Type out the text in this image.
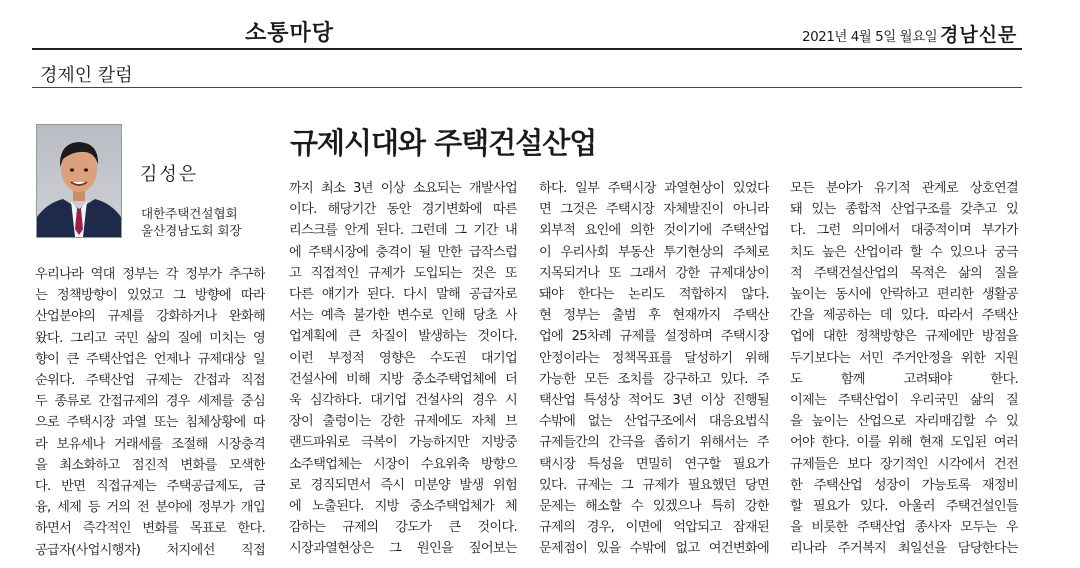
소통마당	2021년 4월 5일 월요일 경남신문
경제인 칼럼
김성은
대한주택건설협회
울산경남도회 회장
규제시대와 주택건설산업
우리나라 역대 정부는 각 정부가 추구하
는 정책방향이 있었고 그 방향에 따라
산업분야의 규제를 강화하거나 완화해
왔다. 그리고 국민 삶의 질에 미치는 영
향이 큰 주택산업은 언제나 규제대상 일
순위다. 주택산업 규제는 간접과 직접
두 종류로 간접규제의 경우 세제를 중심
으로 주택시장 과열 또는 침체상황에 따
라 보유세나 거래세를 조절해 시장충격
을 최소화하고 점진적 변화를 모색한
다. 반면 직접규제는 주택공급제도, 금
융, 세제 등 거의 전 분야에 정부가 개입
하면서 즉각적인 변화를 목표로 한다.
공급자(사업시행자) 처지에선 직접
까지 최소 3년 이상 소요되는 개발사업
이다. 해당기간 동안 경기변화에 따른
리스크를 안게 된다. 그런데 그 기간 내
에 주택시장에 충격이 될 만한 급작스럽
고 직접적인 규제가 도입되는 것은 또
다른 얘기가 된다. 다시 말해 공급자로
서는 예측 불가한 변수로 인해 당초 사
업계획에 큰 차질이 발생하는 것이다.
이런 부정적 영향은 수도권 대기업
건설사에 비해 지방 중소주택업체에 더
욱 심각하다. 대기업 건설사의 경우 시
장이 출렁이는 강한 규제에도 자체 브
랜드파워로 극복이 가능하지만 지방중
소주택업체는 시장이 수요위축 방향으
로 경직되면서 즉시 미분양 발생 위험
에 노출된다. 지방 중소주택업체가 체
감하는 규제의 강도가 큰 것이다.
시장과열현상은 그 원인을 짚어보는
하다. 일부 주택시장 과열현상이 있었다
면 그것은 주택시장 자체발진이 아니라
외부적 요인에 의한 것이기에 주택산업
이 우리사회 부동산 투기현상의 주체로
지목되거나 또 그래서 강한 규제대상이
돼야 한다는 논리도 적합하지 않다.
현 정부는 출범 후 현재까지 주택산
업에 25차례 규제를 설정하며 주택시장
안정이라는 정책목표를 달성하기 위해
가능한 모든 조치를 강구하고 있다. 주
택산업 특성상 적어도 3년 이상 진행될
수밖에 없는 산업구조에서 대응요법식
규제들간의 간극을 좁히기 위해서는 주
택시장 특성을 면밀히 연구할 필요가
있다. 규제는 그 규제가 필요했던 당면
문제는 해소할 수 있겠으나 특히 강한
규제의 경우, 이면에 억압되고 잠재된
문제점이 있을 수밖에 없고 여건변화에
모든 분야가 유기적 관계로 상호연결
돼 있는 종합적 산업구조를 갖추고 있
다. 그런 의미에서 대중적이며 부가가
치도 높은 산업이라 할 수 있으나 궁극
적 주택건설산업의 목적은 삶의 질을
높이는 동시에 안락하고 편리한 생활공
간을 제공하는 데 있다. 따라서 주택산
업에 대한 정책방향은 규제에만 방점을
두기보다는 서민 주거안정을 위한 지원
도 함께 고려돼야 한다.
이제는 주택산업이 우리국민 삶의 질
을 높이는 산업으로 자리매김할 수 있
어야 한다. 이를 위해 현재 도입된 여러
규제들은 보다 장기적인 시각에서 건전
한 주택산업 성장이 가능토록 재정비
할 필요가 있다. 아울러 주택건설인들
을 비롯한 주택산업 종사자 모두는 우
리나라 주거복지 최일선을 담당한다는
